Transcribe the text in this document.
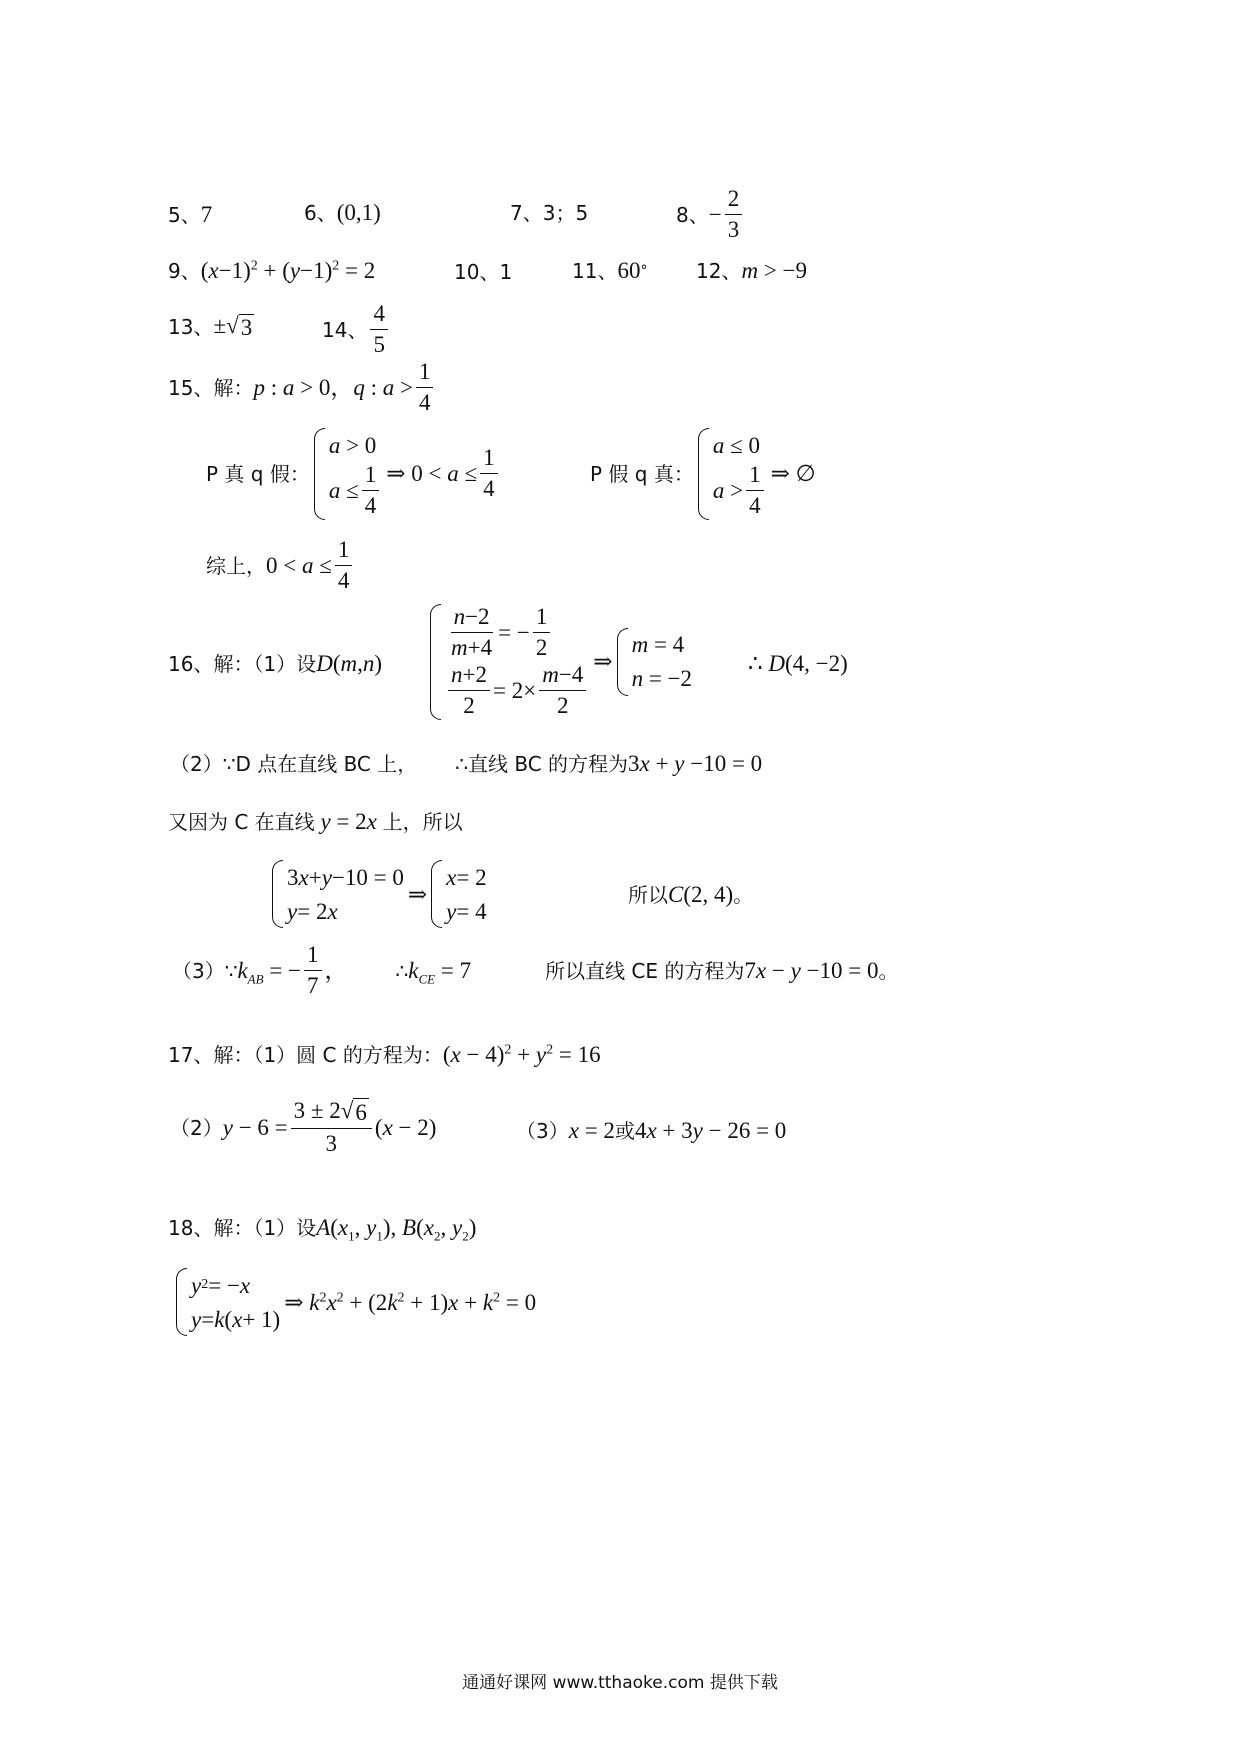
5、 7	6、 (0,1)	7、 3；5	8、 − $\frac{2}{3}$
9、 $(x-1)^2 + (y-1)^2 = 2$	10、 1	11、 60 ° 12、 m > −9
13、 ± √ 3	14、 $\frac{4}{5}$
15、解： p : a > 0，q : $a > \frac{1}{4}$
P 真 q 假：
a > 0
$a \le \frac{1}{4}$ ⇒ $0 < a \le \frac{1}{4}$	P 假 q 真：
a ≤ 0
$a > \frac{1}{4}$ ⇒ ∅
综上， $0 < a \le \frac{1}{4}$
16、解：（1）设 D(m,n)
$\frac{n-2}{m+4}$ = − $\frac{1}{2}$
$\frac{n+2}{2} = 2\times \frac{m-4}{2}$ ⇒
m = 4
n = −2
∴ D(4, −2)
（2）∵D 点在直线 BC 上， ∴直线 BC 的方程为 3x + y −10 = 0
又因为 C 在直线 y = 2x 上，所以
3 x + y −10 = 0
y = 2 x
⇒
x = 2
y = 4
所以 C(2, 4) 。
（3）∵ $k_{AB}$ = − $\frac{1}{7}$ ， ∴ $k_{CE} = 7$	所以直线 CE 的方程为 7x − y −10 = 0 。
17、解：（1）圆 C 的方程为： $(x - 4)^2 + y^2 = 16$
（2） $y - 6 = \frac{3 \pm 2 √ 6}{3} (x - 2)$	（3） x = 2 或 4x + 3y − 26 = 0
18、解：（1）设 $A(x_1$, $y_1$), $B(x_2$, $y_2$)
y 2 = − x
y = k ( x + 1)
⇒ $k^2x^2 + (2k^2 + 1)x + k^2 = 0$
通通好课网 www.tthaoke.com 提供下载
